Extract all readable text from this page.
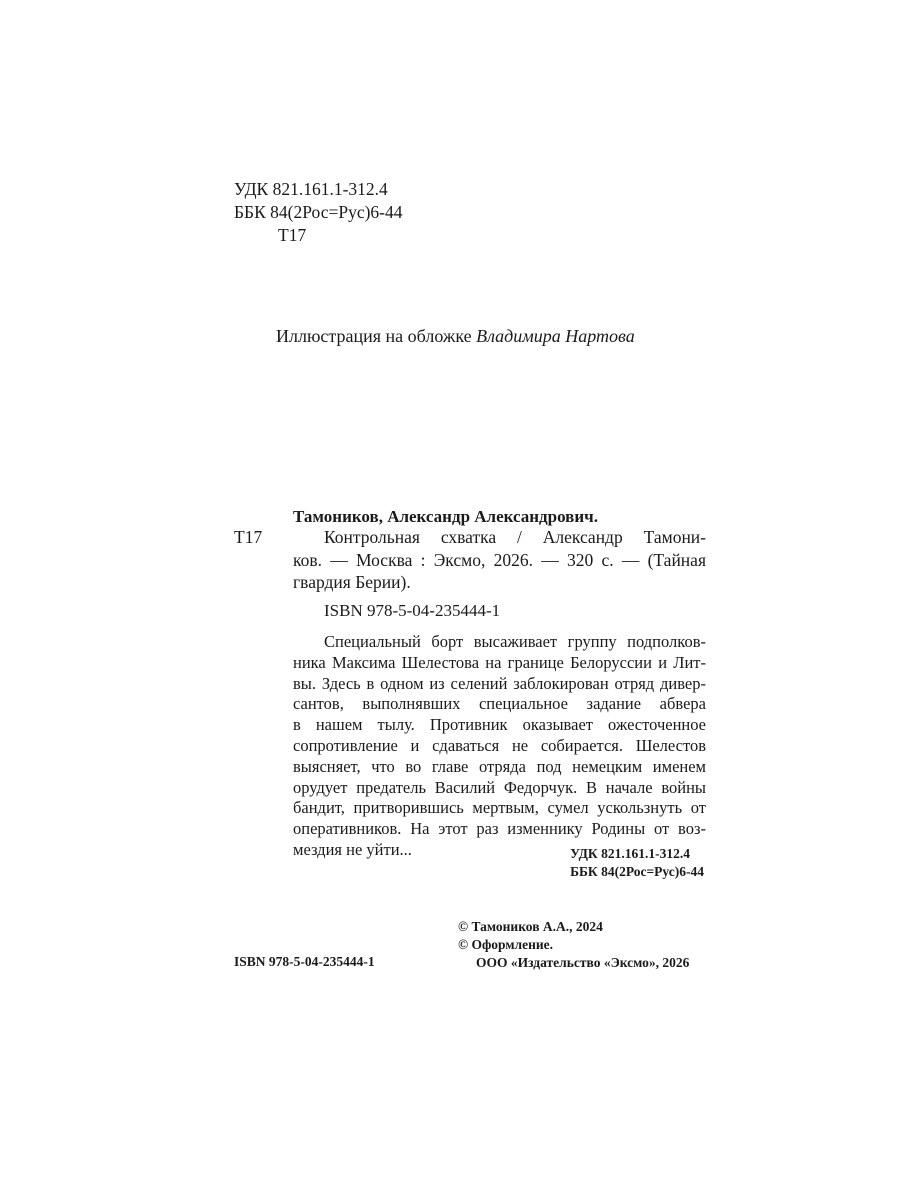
УДК 821.161.1-312.4
ББК 84(2Рос=Рус)6-44
Т17
Иллюстрация на обложке Владимира Нартова
Тамоников, Александр Александрович.
Т17	Контрольная схватка / Александр Тамони-
ков. — Москва : Эксмо, 2026. — 320 с. — (Тайная
гвардия Берии).
ISBN 978-5-04-235444-1
Специальный борт высаживает группу подполков-
ника Максима Шелестова на границе Белоруссии и Лит-
вы. Здесь в одном из селений заблокирован отряд дивер-
сантов, выполнявших специальное задание абвера
в нашем тылу. Противник оказывает ожесточенное
сопротивление и сдаваться не собирается. Шелестов
выясняет, что во главе отряда под немецким именем
орудует предатель Василий Федорчук. В начале войны
бандит, притворившись мертвым, сумел ускользнуть от
оперативников. На этот раз изменнику Родины от воз-
мездия не уйти...	УДК 821.161.1-312.4
ББК 84(2Рос=Рус)6-44
© Тамоников А.А., 2024
© Оформление.
ООО «Издательство «Эксмо», 2026
ISBN 978-5-04-235444-1
